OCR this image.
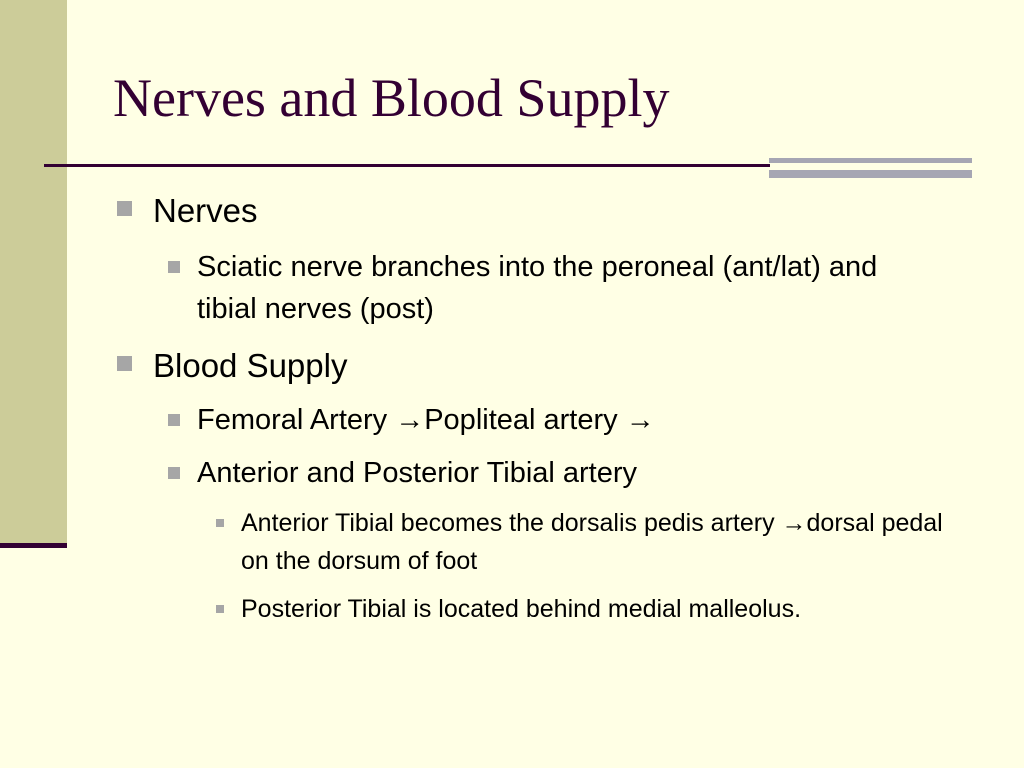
Nerves and Blood Supply
Nerves
Sciatic nerve branches into the peroneal (ant/lat) and tibial nerves (post)
Blood Supply
Femoral Artery →Popliteal artery →
Anterior and Posterior Tibial artery
Anterior Tibial becomes the dorsalis pedis artery →dorsal pedal on the dorsum of foot
Posterior Tibial is located behind medial malleolus.
